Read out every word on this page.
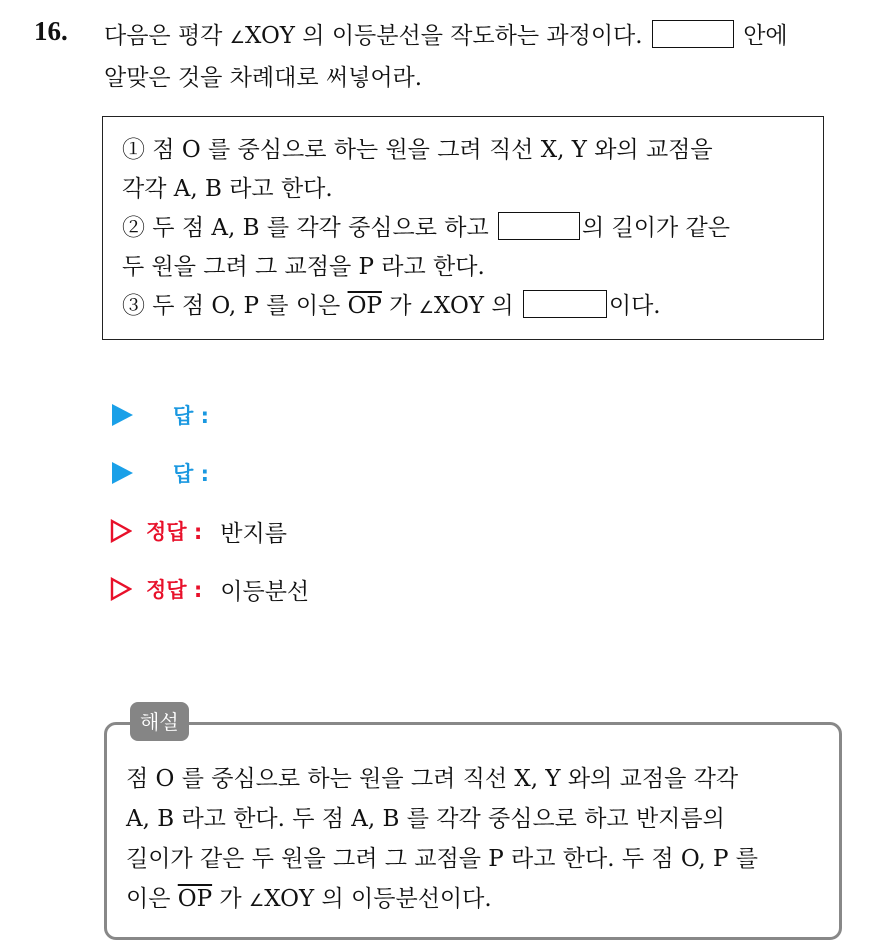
16. 다음은 평각 ∠XOY 의 이등분선을 작도하는 과정이다.	안에
알맞은 것을 차례대로 써넣어라.
① 점 O 를 중심으로 하는 원을 그려 직선 X, Y 와의 교점을
각각 A, B 라고 한다.
② 두 점 A, B 를 각각 중심으로 하고	의 길이가 같은
두 원을 그려 그 교점을 P 라고 한다.
③ 두 점 O, P 를 이은 $\overline{OP}$ 가 ∠XOY 의	이다.
답 :
답 :
정답 : 반지름
정답 : 이등분선
점 O 를 중심으로 하는 원을 그려 직선 X, Y 와의 교점을 각각
A, B 라고 한다. 두 점 A, B 를 각각 중심으로 하고 반지름의
길이가 같은 두 원을 그려 그 교점을 P 라고 한다. 두 점 O, P 를
이은 $\overline{OP}$ 가 ∠XOY 의 이등분선이다.
해설
